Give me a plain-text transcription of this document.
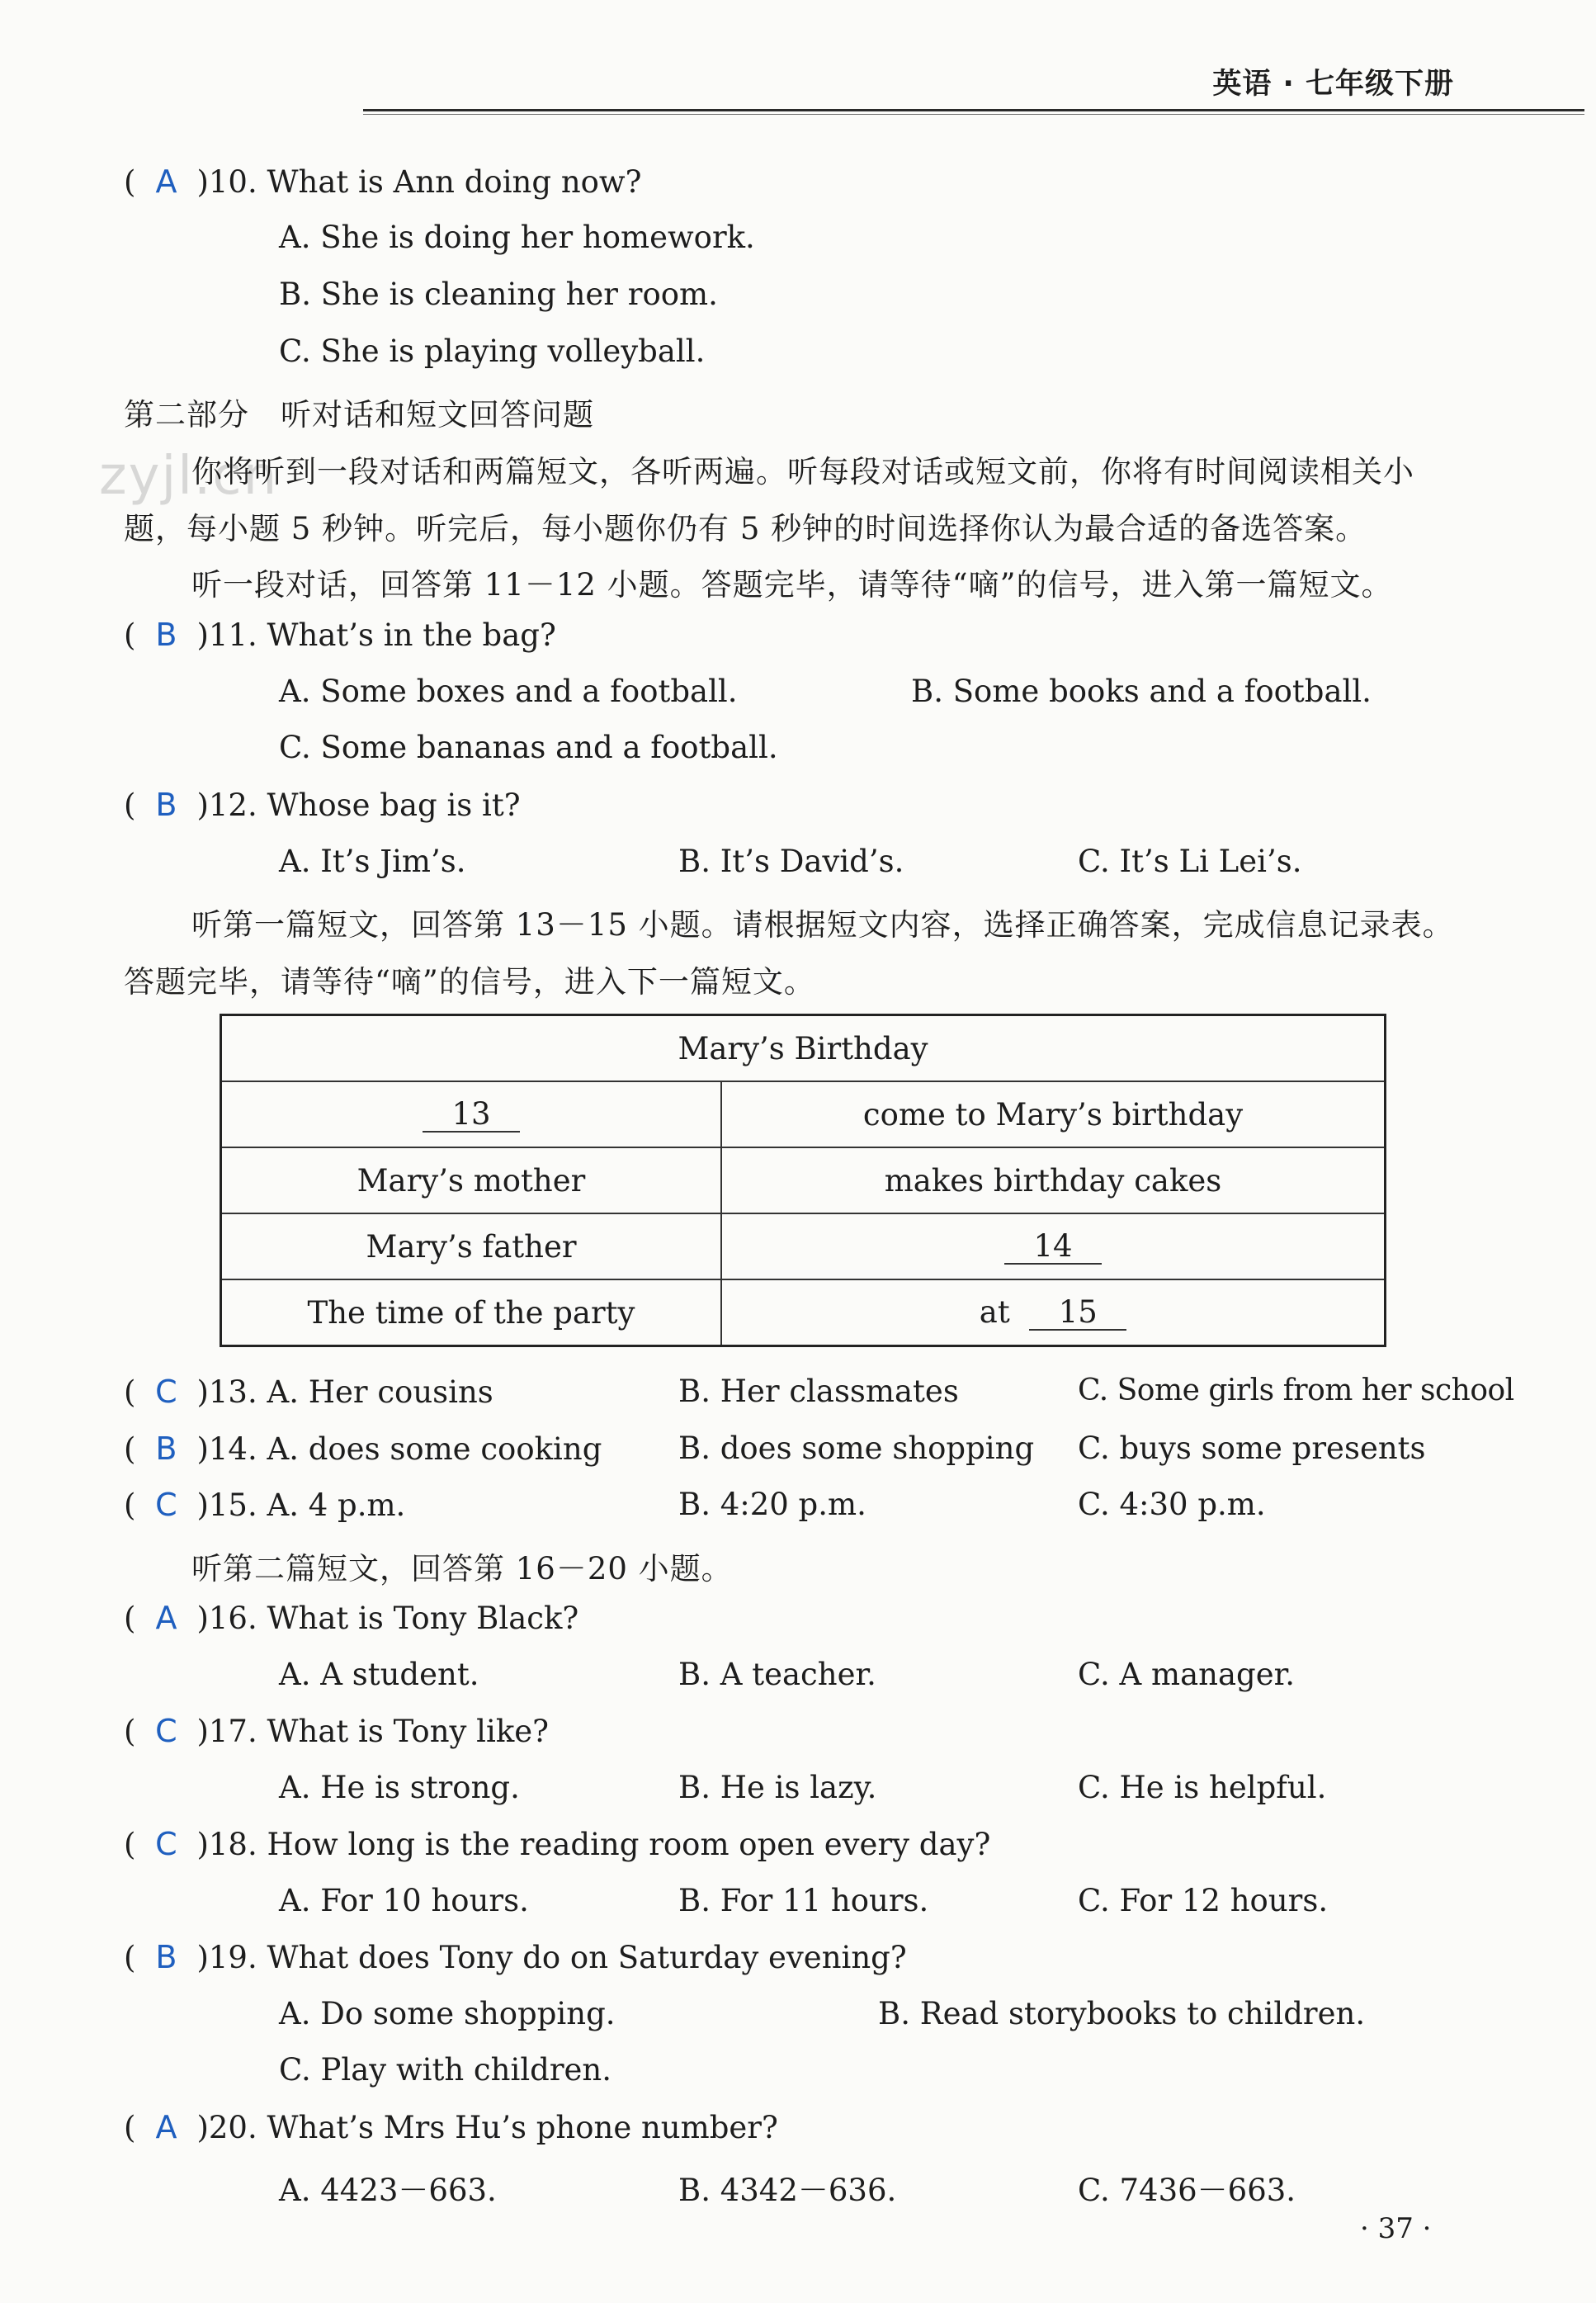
英语 · 七年级下册
zyjl.cn
( A )10. What is Ann doing now?
A. She is doing her homework.
B. She is cleaning her room.
C. She is playing volleyball.
第二部分　听对话和短文回答问题
你将听到一段对话和两篇短文，各听两遍。听每段对话或短文前，你将有时间阅读相关小
题，每小题 5 秒钟。听完后，每小题你仍有 5 秒钟的时间选择你认为最合适的备选答案。
听一段对话，回答第 11－12 小题。答题完毕，请等待“嘀”的信号，进入第一篇短文。
( B )11. What’s in the bag?
A. Some boxes and a football.	B. Some books and a football.
C. Some bananas and a football.
( B )12. Whose bag is it?
A. It’s Jim’s.	B. It’s David’s.	C. It’s Li Lei’s.
听第一篇短文，回答第 13－15 小题。请根据短文内容，选择正确答案，完成信息记录表。
答题完毕，请等待“嘀”的信号，进入下一篇短文。
Mary’s Birthday	
13	come to Mary’s birthday
Mary’s mother	makes birthday cakes
Mary’s father	14
The time of the party	at 15
( C )13. A. Her cousins	B. Her classmates	C. Some girls from her school
( B )14. A. does some cooking	B. does some shopping C. buys some presents
( C )15. A. 4 p.m.	B. 4:20 p.m.	C. 4:30 p.m.
听第二篇短文，回答第 16－20 小题。
( A )16. What is Tony Black?
A. A student.	B. A teacher.	C. A manager.
( C )17. What is Tony like?
A. He is strong.	B. He is lazy.	C. He is helpful.
( C )18. How long is the reading room open every day?
A. For 10 hours.	B. For 11 hours.	C. For 12 hours.
( B )19. What does Tony do on Saturday evening?
A. Do some shopping.	B. Read storybooks to children.
C. Play with children.
( A )20. What’s Mrs Hu’s phone number?
A. 4423－663.	B. 4342－636.	C. 7436－663.
· 37 ·
